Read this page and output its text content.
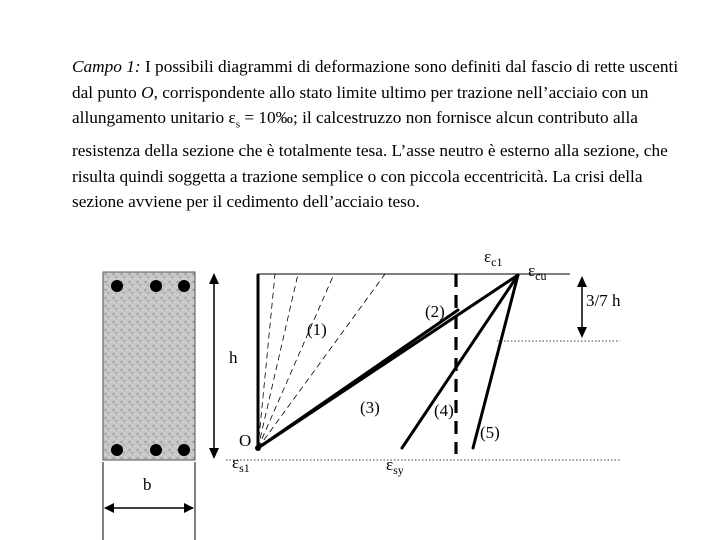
Campo 1: I possibili diagrammi di deformazione sono definiti dal fascio di rette uscenti dal punto O, corrispondente allo stato limite ultimo per trazione nell’acciaio con un allungamento unitario $\varepsilon_s$ = 10‰; il calcestruzzo non fornisce alcun contributo alla resistenza della sezione che è totalmente tesa. L’asse neutro è esterno alla sezione, che risulta quindi soggetta a trazione semplice o con piccola eccentricità. La crisi della sezione avviene per il cedimento dell’acciaio teso.

b
h
3/7 h
O
(1)
(2)
(3)	(4)
(5)
$\varepsilon_{c1}$ $\varepsilon_{cu}$
$\varepsilon_{s1}$	$\varepsilon_{sy}$
